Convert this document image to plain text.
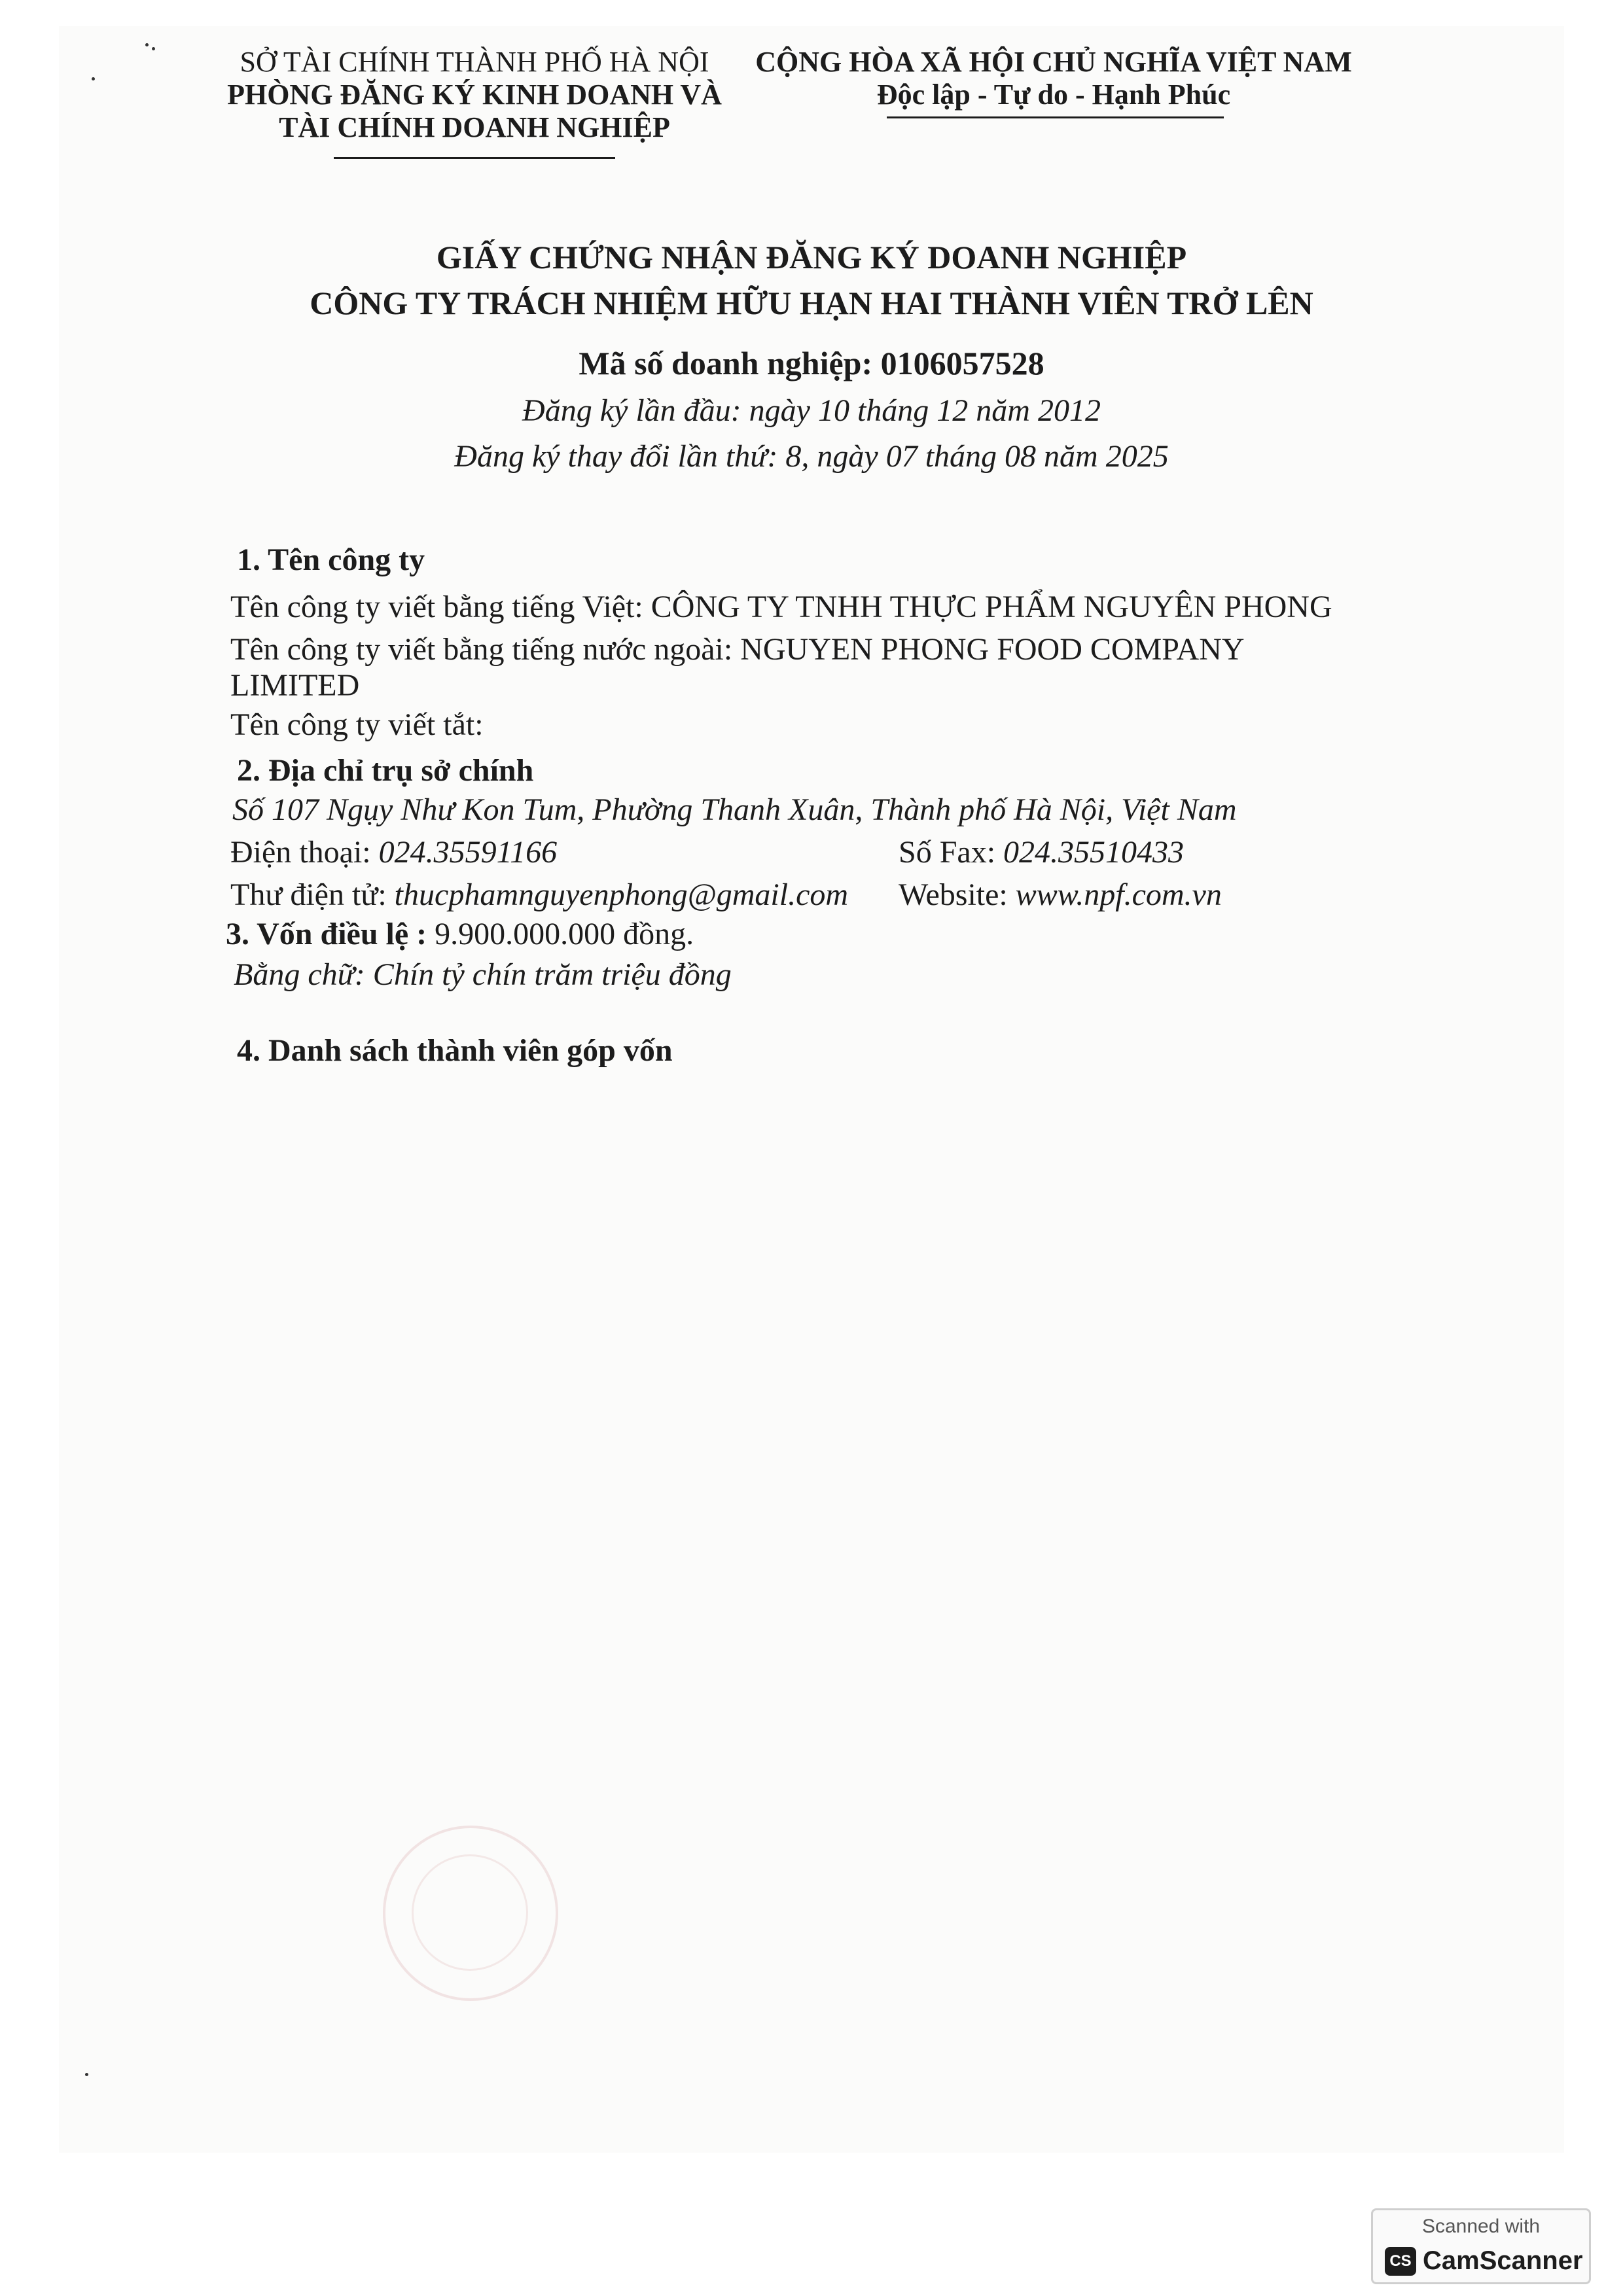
SỞ TÀI CHÍNH THÀNH PHỐ HÀ NỘI
PHÒNG ĐĂNG KÝ KINH DOANH VÀ
TÀI CHÍNH DOANH NGHIỆP
CỘNG HÒA XÃ HỘI CHỦ NGHĨA VIỆT NAM
Độc lập - Tự do - Hạnh Phúc
GIẤY CHỨNG NHẬN ĐĂNG KÝ DOANH NGHIỆP
CÔNG TY TRÁCH NHIỆM HỮU HẠN HAI THÀNH VIÊN TRỞ LÊN
Mã số doanh nghiệp: 0106057528
Đăng ký lần đầu: ngày 10 tháng 12 năm 2012
Đăng ký thay đổi lần thứ: 8, ngày 07 tháng 08 năm 2025
1. Tên công ty
Tên công ty viết bằng tiếng Việt: CÔNG TY TNHH THỰC PHẨM NGUYÊN PHONG
Tên công ty viết bằng tiếng nước ngoài: NGUYEN PHONG FOOD COMPANY
LIMITED
Tên công ty viết tắt:
2. Địa chỉ trụ sở chính
Số 107 Ngụy Như Kon Tum, Phường Thanh Xuân, Thành phố Hà Nội, Việt Nam
Điện thoại: 024.35591166	Số Fax: 024.35510433
Thư điện tử: thucphamnguyenphong@gmail.com Website: www.npf.com.vn
3. Vốn điều lệ : 9.900.000.000 đồng.
Bằng chữ: Chín tỷ chín trăm triệu đồng
4. Danh sách thành viên góp vốn
Scanned with
CS CamScanner
